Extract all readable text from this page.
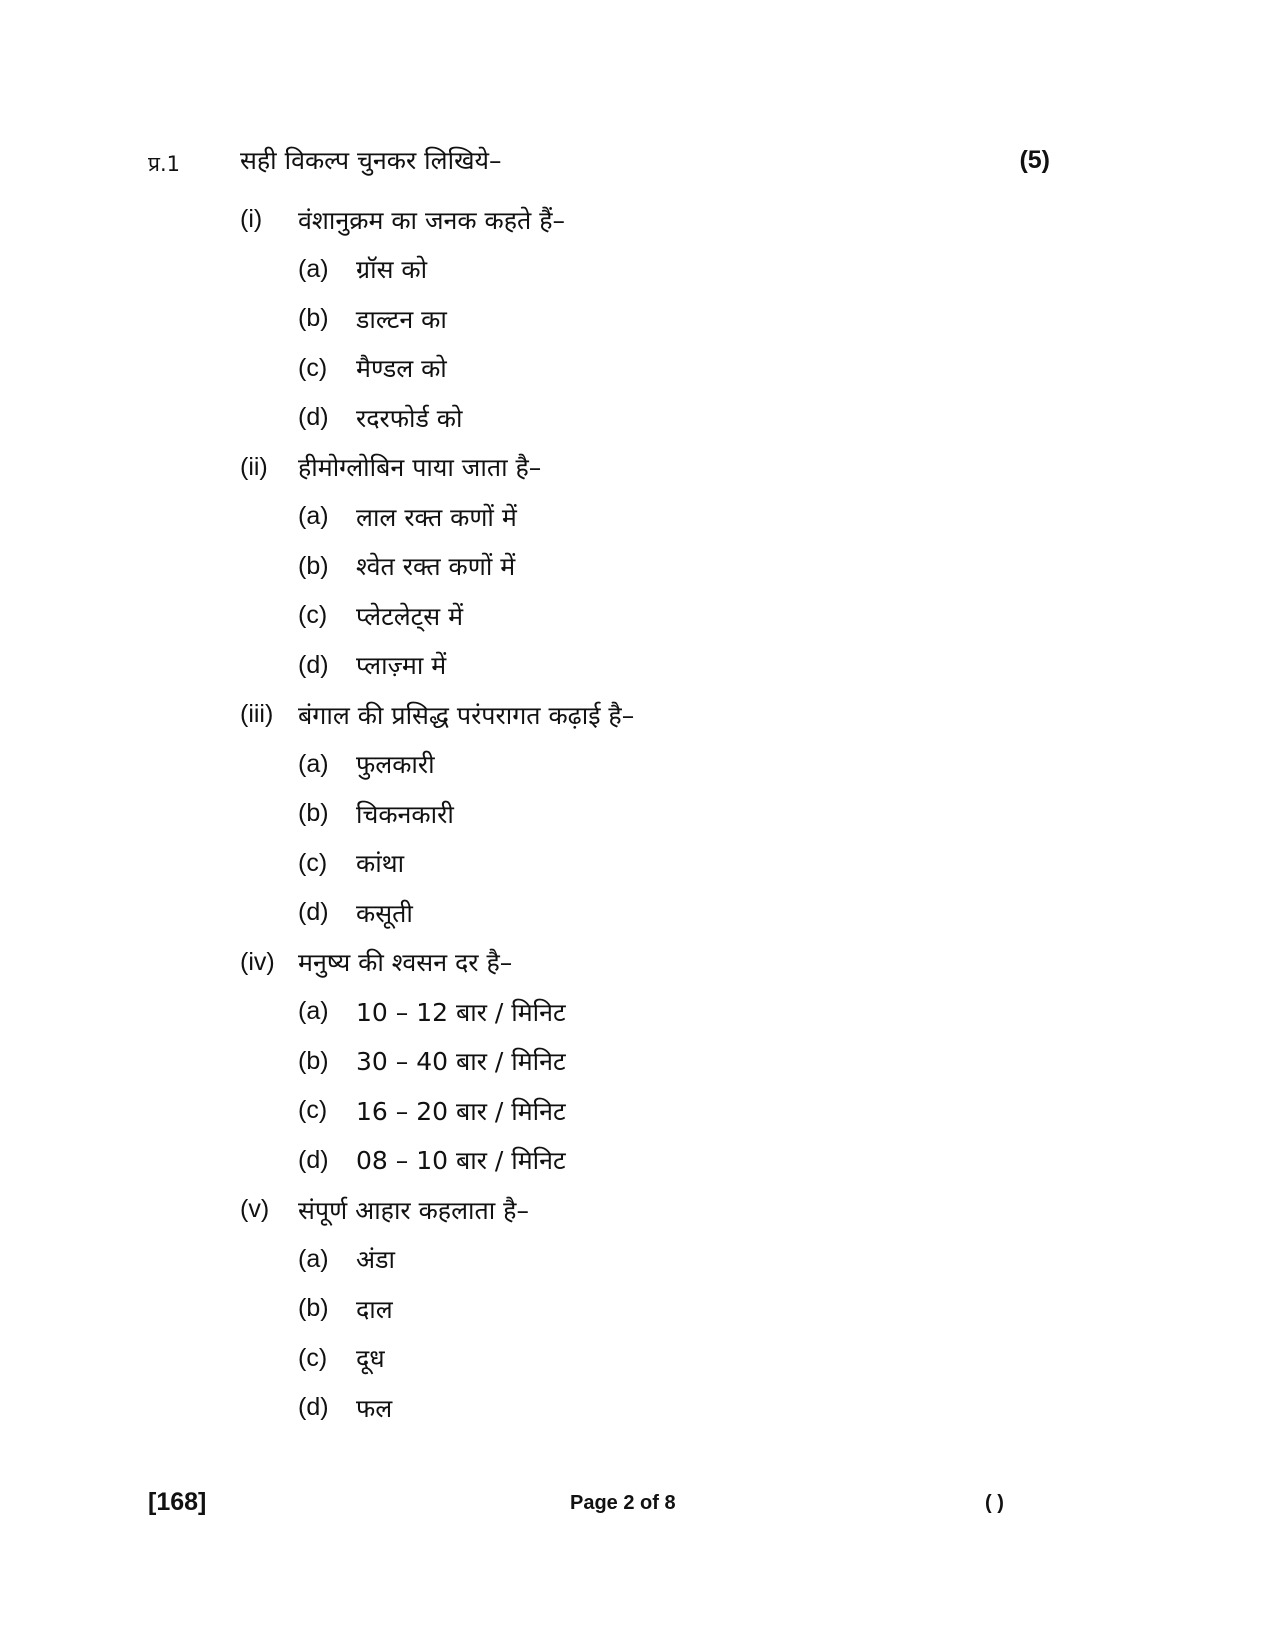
प्र.1 सही विकल्प चुनकर लिखिये–	(5)
(i)	वंशानुक्रम का जनक कहते हैं–
(a)	ग्रॉस को
(b)	डाल्टन का
(c)	मैण्डल को
(d)	रदरफोर्ड को
(ii)	हीमोग्लोबिन पाया जाता है–
(a)	लाल रक्त कणों में
(b)	श्वेत रक्त कणों में
(c)	प्लेटलेट्स में
(d)	प्लाज़्मा में
(iii) बंगाल की प्रसिद्ध परंपरागत कढ़ाई है–
(a)	फुलकारी
(b)	चिकनकारी
(c)	कांथा
(d)	कसूती
(iv) मनुष्य की श्वसन दर है–
(a)	10 – 12 बार / मिनिट
(b)	30 – 40 बार / मिनिट
(c)	16 – 20 बार / मिनिट
(d)	08 – 10 बार / मिनिट
(v)	संपूर्ण आहार कहलाता है–
(a)	अंडा
(b)	दाल
(c)	दूध
(d)	फल
[168]	Page 2 of 8	( )
